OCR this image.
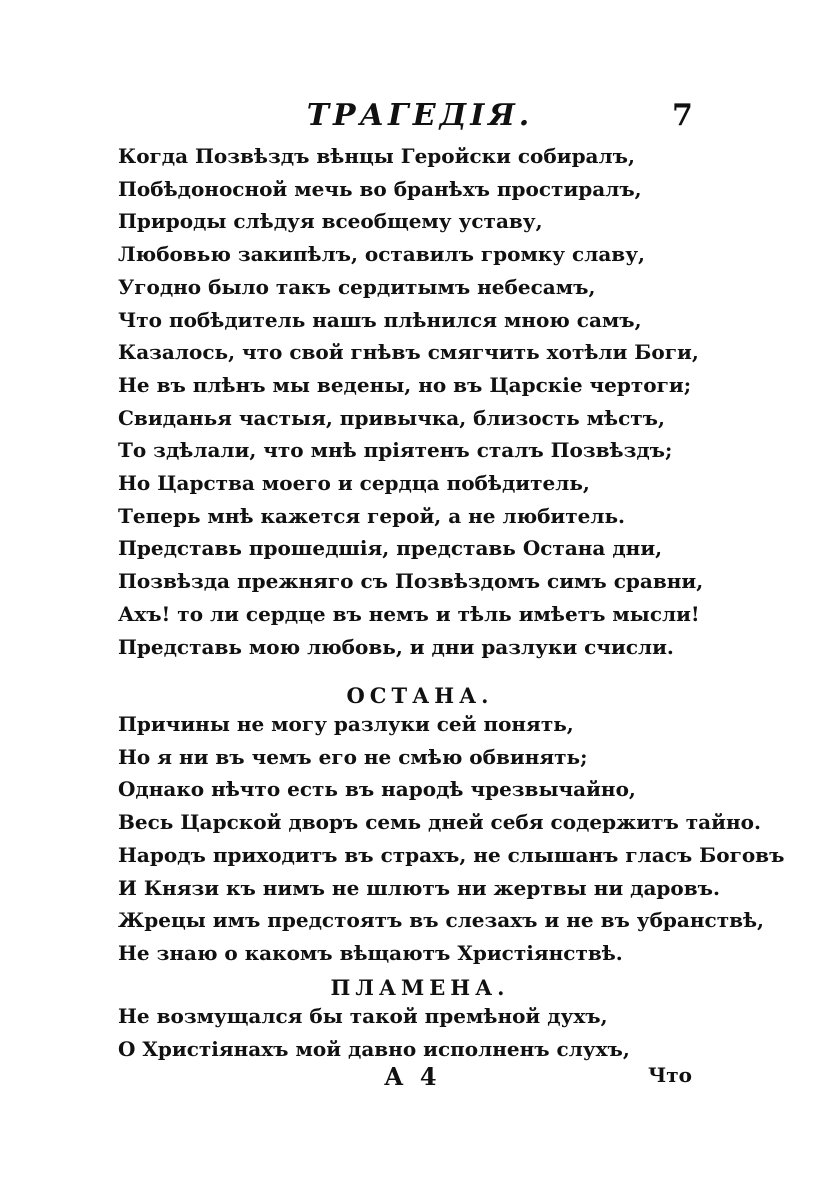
ТРАГЕДIЯ.	7
Когда Позвѣздъ вѣнцы Геройски собиралъ,
Побѣдоносной мечь во бранѣхъ простиралъ,
Природы слѣдуя всеобщему уставу,
Любовью закипѣлъ, оставилъ громку славу,
Угодно было такъ сердитымъ небесамъ,
Что побѣдитель нашъ плѣнился мною самъ,
Казалось, что свой гнѣвъ смягчить хотѣли Боги,
Не въ плѣнъ мы ведены, но въ Царскiе чертоги;
Свиданья частыя, привычка, близость мѣстъ,
То здѣлали, что мнѣ прiятенъ сталъ Позвѣздъ;
Но Царства моего и сердца побѣдитель,
Теперь мнѣ кажется герой, а не любитель.
Представь прошедшiя, представь Остана дни,
Позвѣзда прежняго съ Позвѣздомъ симъ сравни,
Ахъ! то ли сердце въ немъ и тѣль имѣетъ мысли!
Представь мою любовь, и дни разлуки счисли.
ОСТАНА.
Причины не могу разлуки сей понять,
Но я ни въ чемъ его не смѣю обвинять;
Однако нѣчто есть въ народѣ чрезвычайно,
Весь Царской дворъ семь дней себя содержитъ тайно.
Народъ приходитъ въ страхъ, не слышанъ гласъ Боговъ
И Князи къ нимъ не шлютъ ни жертвы ни даровъ.
Жрецы имъ предстоятъ въ слезахъ и не въ убранствѣ,
Не знаю о какомъ вѣщаютъ Христiянствѣ.
ПЛАМЕНА.
Не возмущался бы такой премѣной духъ,
О Христiянахъ мой давно исполненъ слухъ,
А 4	Что
